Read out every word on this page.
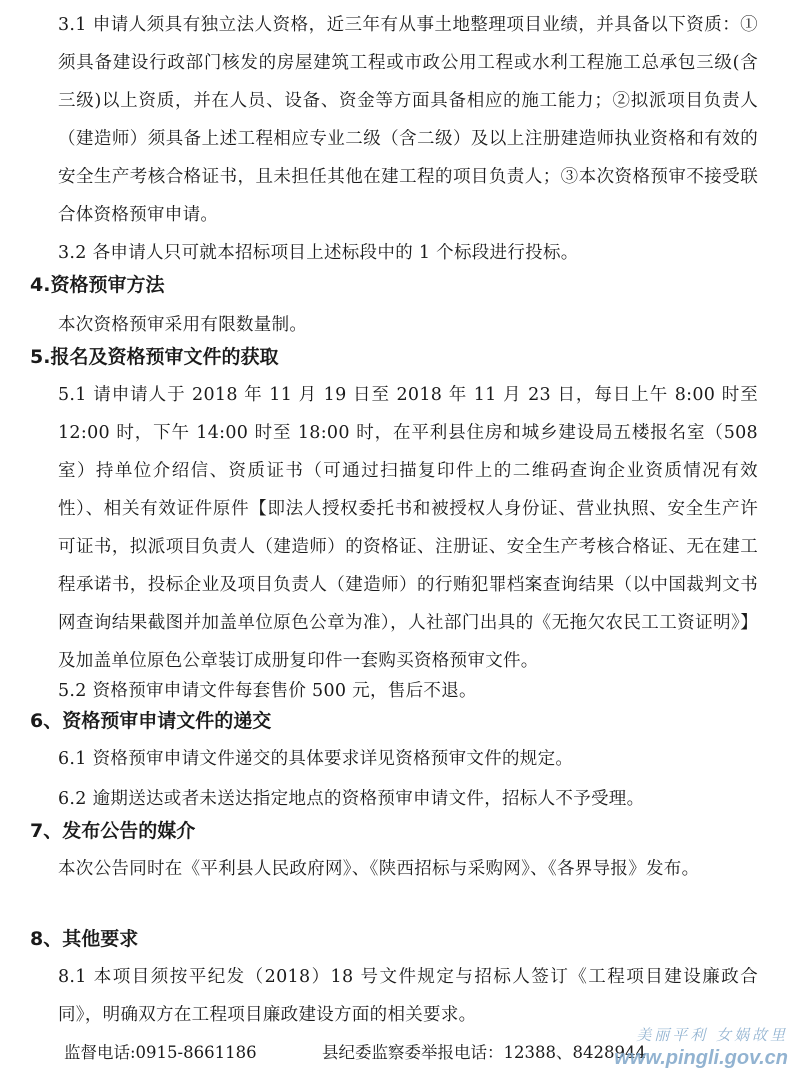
3.1 申请人须具有独立法人资格，近三年有从事土地整理项目业绩，并具备以下资质：①须具备建设行政部门核发的房屋建筑工程或市政公用工程或水利工程施工总承包三级(含三级)以上资质，并在人员、设备、资金等方面具备相应的施工能力；②拟派项目负责人（建造师）须具备上述工程相应专业二级（含二级）及以上注册建造师执业资格和有效的安全生产考核合格证书，且未担任其他在建工程的项目负责人；③本次资格预审不接受联合体资格预审申请。

3.2 各申请人只可就本招标项目上述标段中的 1 个标段进行投标。

4.资格预审方法

本次资格预审采用有限数量制。

5.报名及资格预审文件的获取

5.1 请申请人于 2018 年 11 月 19 日至 2018 年 11 月 23 日，每日上午 8:00 时至 12:00 时，下午 14:00 时至 18:00 时，在平利县住房和城乡建设局五楼报名室（508 室）持单位介绍信、资质证书（可通过扫描复印件上的二维码查询企业资质情况有效性）、相关有效证件原件【即法人授权委托书和被授权人身份证、营业执照、安全生产许可证书，拟派项目负责人（建造师）的资格证、注册证、安全生产考核合格证、无在建工程承诺书，投标企业及项目负责人（建造师）的行贿犯罪档案查询结果（以中国裁判文书网查询结果截图并加盖单位原色公章为准），人社部门出具的《无拖欠农民工工资证明》】及加盖单位原色公章装订成册复印件一套购买资格预审文件。

5.2 资格预审申请文件每套售价 500 元，售后不退。

6、资格预审申请文件的递交

6.1 资格预审申请文件递交的具体要求详见资格预审文件的规定。

6.2 逾期送达或者未送达指定地点的资格预审申请文件，招标人不予受理。

7、发布公告的媒介

本次公告同时在《平利县人民政府网》、《陕西招标与采购网》、《各界导报》发布。

8、其他要求

8.1 本项目须按平纪发（2018）18 号文件规定与招标人签订《工程项目建设廉政合同》，明确双方在工程项目廉政建设方面的相关要求。

监督电话:0915-8661186	县纪委监察委举报电话：12388、8428944

美丽平利 女娲故里
www.pingli.gov.cn
